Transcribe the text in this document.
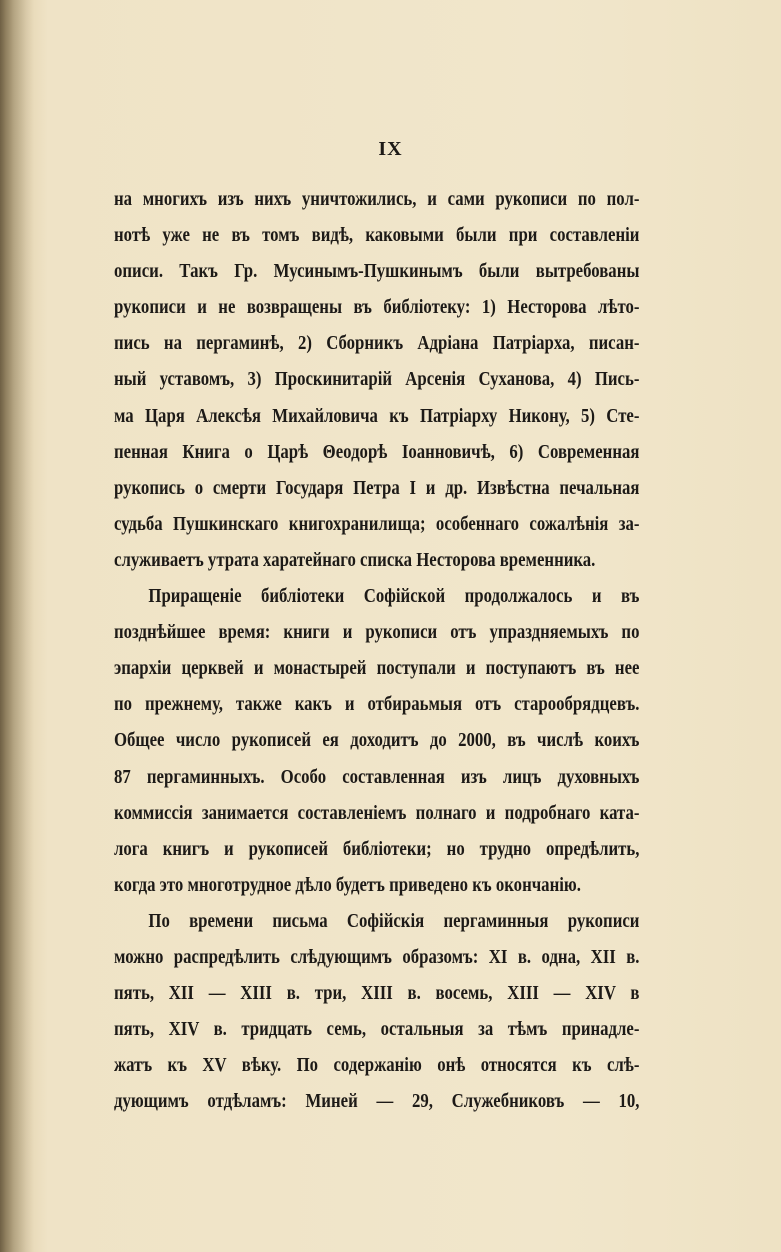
IX
на многихъ изъ нихъ уничтожились, и сами рукописи по пол-
нотѣ уже не въ томъ видѣ, каковыми были при составленіи
описи. Такъ Гр. Мусинымъ-Пушкинымъ были вытребованы
рукописи и не возвращены въ библіотеку: 1) Несторова лѣто-
пись на пергаминѣ, 2) Сборникъ Адріана Патріарха, писан-
ный уставомъ, 3) Проскинитарій Арсенія Суханова, 4) Пись-
ма Царя Алексѣя Михайловича къ Патріарху Никону, 5) Сте-
пенная Книга о Царѣ Θеодорѣ Іоанновичѣ, 6) Современная
рукопись о смерти Государя Петра I и др. Извѣстна печальная
судьба Пушкинскаго книгохранилища; особеннаго сожалѣнія за-
служиваетъ утрата харатейнаго списка Несторова временника.
Приращеніе библіотеки Софійской продолжалось и въ
позднѣйшее время: книги и рукописи отъ упраздняемыхъ по
эпархіи церквей и монастырей поступали и поступаютъ въ нее
по прежнему, также какъ и отбираьмыя отъ старообрядцевъ.
Общее число рукописей ея доходитъ до 2000, въ числѣ коихъ
87 пергаминныхъ. Особо составленная изъ лицъ духовныхъ
коммиссія занимается составленіемъ полнаго и подробнаго ката-
лога книгъ и рукописей библіотеки; но трудно опредѣлить,
когда это многотрудное дѣло будетъ приведено къ окончанію.
По времени письма Софійскія пергаминныя рукописи
можно распредѣлить слѣдующимъ образомъ: XI в. одна, XII в.
пять, XII — XIII в. три, XIII в. восемь, XIII — XIV в
пять, XIV в. тридцать семь, остальныя за тѣмъ принадле-
жатъ къ XV вѣку. По содержанію онѣ относятся къ слѣ-
дующимъ отдѣламъ: Миней — 29, Служебниковъ — 10,
